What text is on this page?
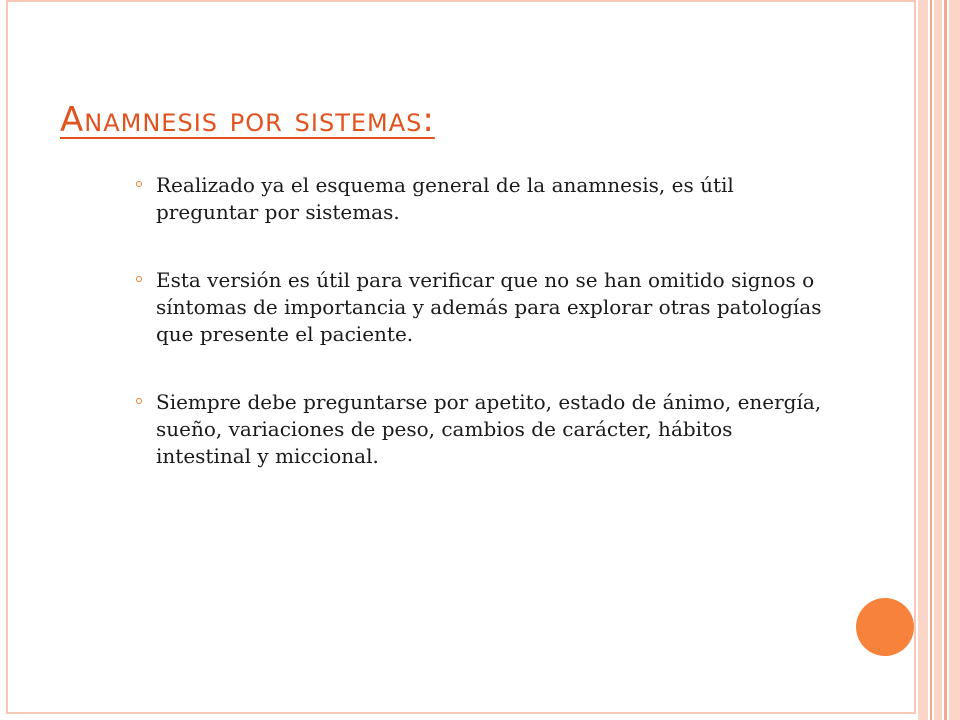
Anamnesis por sistemas:
Realizado ya el esquema general de la anamnesis, es útil preguntar por sistemas.
Esta versión es útil para verificar que no se han omitido signos o síntomas de importancia y además para explorar otras patologías que presente el paciente.
Siempre debe preguntarse por apetito, estado de ánimo, energía, sueño, variaciones de peso, cambios de carácter, hábitos intestinal y miccional.
